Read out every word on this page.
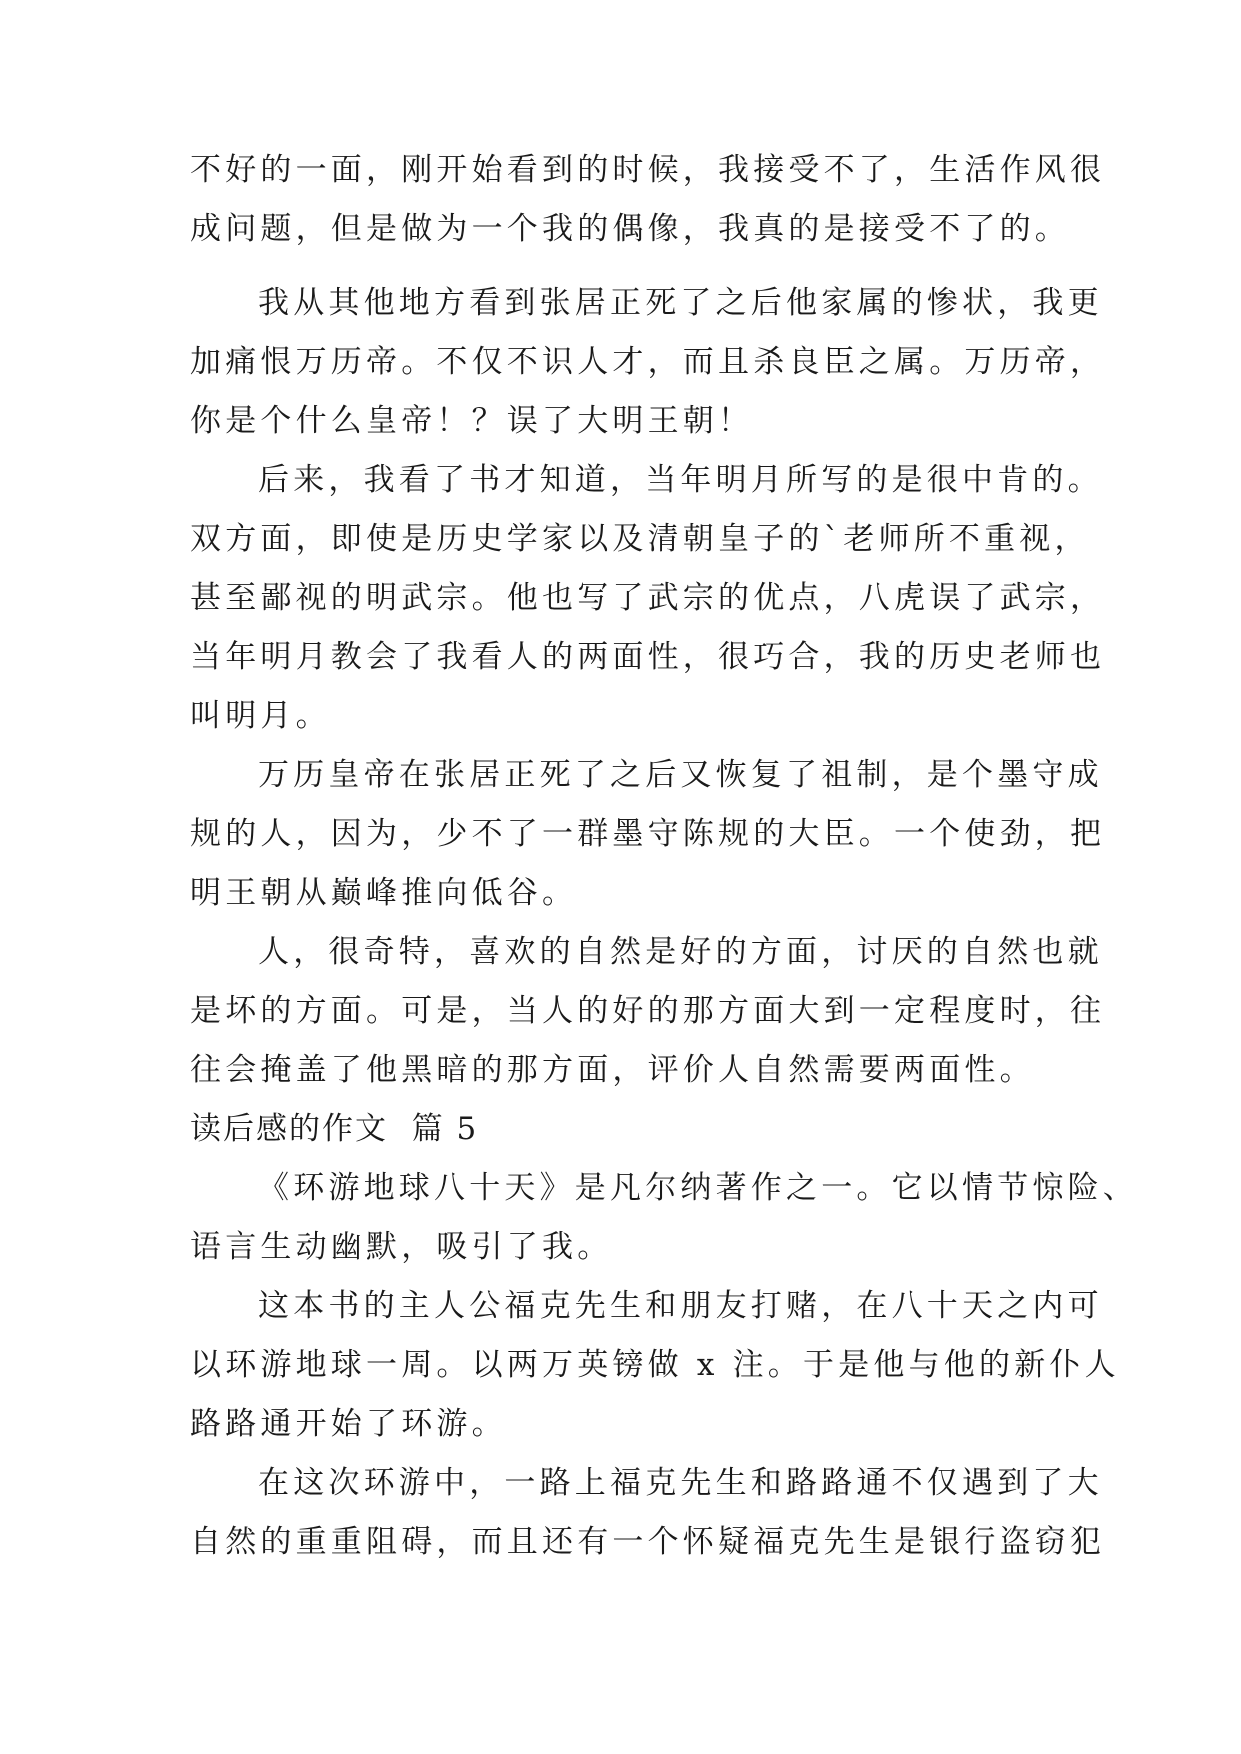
不好的一面，刚开始看到的时候，我接受不了，生活作风很
成问题，但是做为一个我的偶像，我真的是接受不了的。
我从其他地方看到张居正死了之后他家属的惨状，我更
加痛恨万历帝。不仅不识人才，而且杀良臣之属。万历帝，
你是个什么皇帝！？误了大明王朝！
后来，我看了书才知道，当年明月所写的是很中肯的。
双方面，即使是历史学家以及清朝皇子的`老师所不重视，
甚至鄙视的明武宗。他也写了武宗的优点，八虎误了武宗，
当年明月教会了我看人的两面性，很巧合，我的历史老师也
叫明月。
万历皇帝在张居正死了之后又恢复了祖制，是个墨守成
规的人，因为，少不了一群墨守陈规的大臣。一个使劲，把
明王朝从巅峰推向低谷。
人，很奇特，喜欢的自然是好的方面，讨厌的自然也就
是坏的方面。可是，当人的好的那方面大到一定程度时，往
往会掩盖了他黑暗的那方面，评价人自然需要两面性。
读后感的作文  篇 5
《环游地球八十天》是凡尔纳著作之一。它以情节惊险、
语言生动幽默，吸引了我。
这本书的主人公福克先生和朋友打赌，在八十天之内可
以环游地球一周。以两万英镑做 x 注。于是他与他的新仆人
路路通开始了环游。
在这次环游中，一路上福克先生和路路通不仅遇到了大
自然的重重阻碍，而且还有一个怀疑福克先生是银行盗窃犯
